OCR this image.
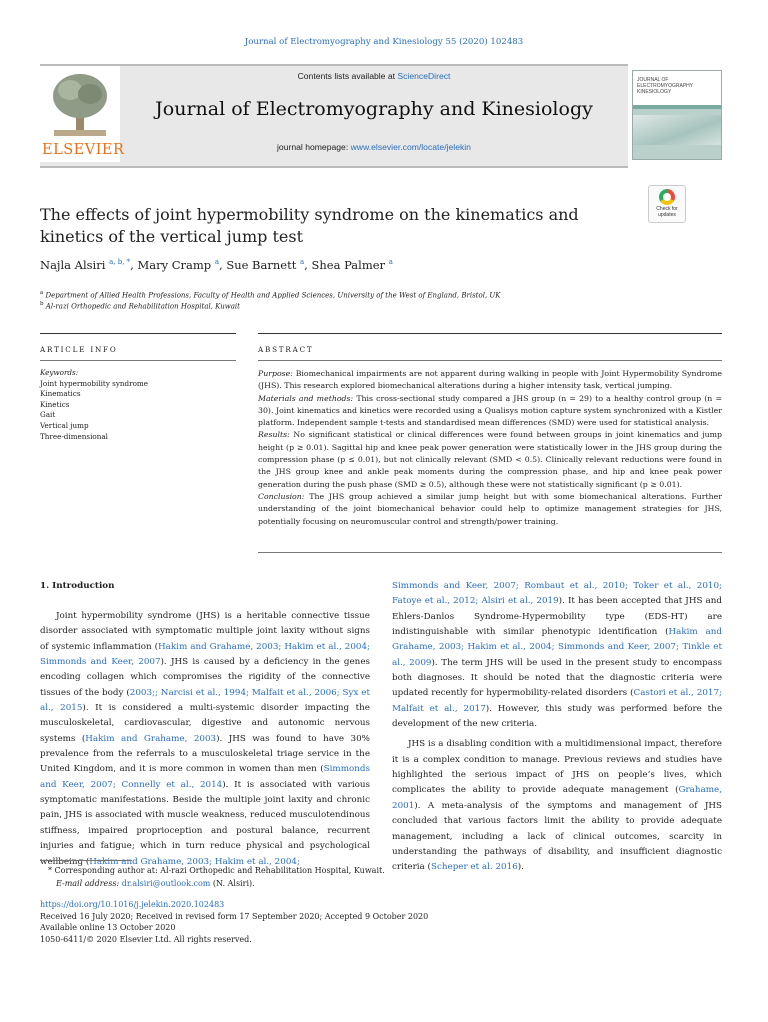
Journal of Electromyography and Kinesiology 55 (2020) 102483
ELSEVIER
Contents lists available at ScienceDirect
Journal of Electromyography and Kinesiology
journal homepage: www.elsevier.com/locate/jelekin
JOURNAL OF ELECTROMYOGRAPHY KINESIOLOGY
Check for updates
The effects of joint hypermobility syndrome on the kinematics and kinetics of the vertical jump test
Najla Alsiri $^{a, b, *}$, Mary Cramp $^a$, Sue Barnett $^a$, Shea Palmer $^a$
$^a$ Department of Allied Health Professions, Faculty of Health and Applied Sciences, University of the West of England, Bristol, UK
$^b$ Al-razi Orthopedic and Rehabilitation Hospital, Kuwait
ARTICLE INFO	ABSTRACT
Keywords:
Joint hypermobility syndrome
Kinematics
Kinetics
Gait
Vertical jump
Three-dimensional

Purpose: Biomechanical impairments are not apparent during walking in people with Joint Hypermobility Syndrome (JHS). This research explored biomechanical alterations during a higher intensity task, vertical jumping.

Materials and methods: This cross-sectional study compared a JHS group (n = 29) to a healthy control group (n = 30). Joint kinematics and kinetics were recorded using a Qualisys motion capture system synchronized with a Kistler platform. Independent sample t-tests and standardised mean differences (SMD) were used for statistical analysis.

Results: No significant statistical or clinical differences were found between groups in joint kinematics and jump height (p ≥ 0.01). Sagittal hip and knee peak power generation were statistically lower in the JHS group during the compression phase (p ≤ 0.01), but not clinically relevant (SMD < 0.5). Clinically relevant reductions were found in the JHS group knee and ankle peak moments during the compression phase, and hip and knee peak power generation during the push phase (SMD ≥ 0.5), although these were not statistically significant (p ≥ 0.01).

Conclusion: The JHS group achieved a similar jump height but with some biomechanical alterations. Further understanding of the joint biomechanical behavior could help to optimize management strategies for JHS, potentially focusing on neuromuscular control and strength/power training.

1. Introduction

Joint hypermobility syndrome (JHS) is a heritable connective tissue disorder associated with symptomatic multiple joint laxity without signs of systemic inflammation (Hakim and Grahame, 2003; Hakim et al., 2004; Simmonds and Keer, 2007). JHS is caused by a deficiency in the genes encoding collagen which compromises the rigidity of the connective tissues of the body (2003;; Narcisi et al., 1994; Malfait et al., 2006; Syx et al., 2015). It is considered a multi-systemic disorder impacting the musculoskeletal, cardiovascular, digestive and autonomic nervous systems (Hakim and Grahame, 2003). JHS was found to have 30% prevalence from the referrals to a musculoskeletal triage service in the United Kingdom, and it is more common in women than men (Simmonds and Keer, 2007; Connelly et al., 2014). It is associated with various symptomatic manifestations. Beside the multiple joint laxity and chronic pain, JHS is associated with muscle weakness, reduced musculotendinous stiffness, impaired proprioception and postural balance, recurrent injuries and fatigue; which in turn reduce physical and psychological wellbeing (Hakim and Grahame, 2003; Hakim et al., 2004;

Simmonds and Keer, 2007; Rombaut et al., 2010; Toker et al., 2010; Fatoye et al., 2012; Alsiri et al., 2019). It has been accepted that JHS and Ehlers-Danlos Syndrome-Hypermobility type (EDS-HT) are indistinguishable with similar phenotypic identification (Hakim and Grahame, 2003; Hakim et al., 2004; Simmonds and Keer, 2007; Tinkle et al., 2009). The term JHS will be used in the present study to encompass both diagnoses. It should be noted that the diagnostic criteria were updated recently for hypermobility-related disorders (Castori et al., 2017; Malfait et al., 2017). However, this study was performed before the development of the new criteria.

JHS is a disabling condition with a multidimensional impact, therefore it is a complex condition to manage. Previous reviews and studies have highlighted the serious impact of JHS on people’s lives, which complicates the ability to provide adequate management (Grahame, 2001). A meta-analysis of the symptoms and management of JHS concluded that various factors limit the ability to provide adequate management, including a lack of clinical outcomes, scarcity in understanding the pathways of disability, and insufficient diagnostic criteria (Scheper et al. 2016).

* Corresponding author at: Al-razi Orthopedic and Rehabilitation Hospital, Kuwait.
E-mail address: dr.alsiri@outlook.com (N. Alsiri).
https://doi.org/10.1016/j.jelekin.2020.102483
Received 16 July 2020; Received in revised form 17 September 2020; Accepted 9 October 2020
Available online 13 October 2020
1050-6411/© 2020 Elsevier Ltd. All rights reserved.
